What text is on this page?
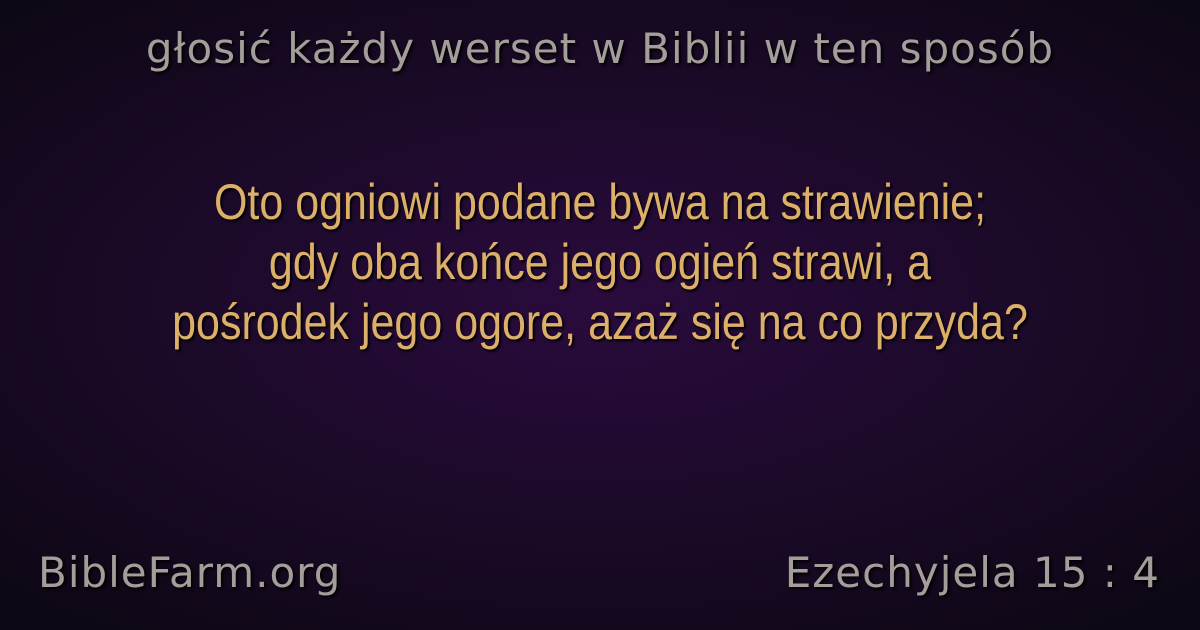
głosić każdy werset w Biblii w ten sposób
Oto ogniowi podane bywa na strawienie;
gdy oba końce jego ogień strawi, a
pośrodek jego ogore, azaż się na co przyda?
BibleFarm.org	Ezechyjela 15 : 4
